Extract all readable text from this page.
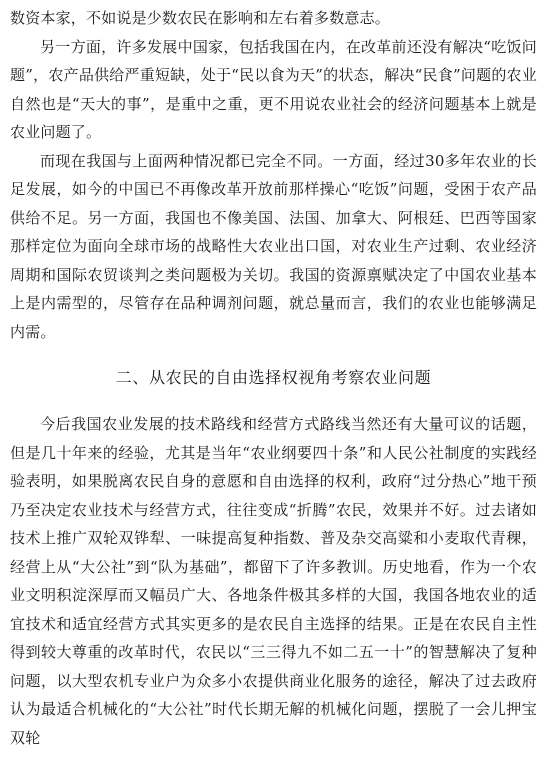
数资本家，不如说是少数农民在影响和左右着多数意志。

另一方面，许多发展中国家，包括我国在内，在改革前还没有解决“吃饭问题”，农产品供给严重短缺，处于“民以食为天”的状态，解决“民食”问题的农业自然也是“天大的事”，是重中之重，更不用说农业社会的经济问题基本上就是农业问题了。

而现在我国与上面两种情况都已完全不同。一方面，经过30多年农业的长足发展，如今的中国已不再像改革开放前那样操心“吃饭”问题，受困于农产品供给不足。另一方面，我国也不像美国、法国、加拿大、阿根廷、巴西等国家那样定位为面向全球市场的战略性大农业出口国，对农业生产过剩、农业经济周期和国际农贸谈判之类问题极为关切。我国的资源禀赋决定了中国农业基本上是内需型的，尽管存在品种调剂问题，就总量而言，我们的农业也能够满足内需。

二、从农民的自由选择权视角考察农业问题

今后我国农业发展的技术路线和经营方式路线当然还有大量可议的话题，但是几十年来的经验，尤其是当年“农业纲要四十条”和人民公社制度的实践经验表明，如果脱离农民自身的意愿和自由选择的权利，政府“过分热心”地干预乃至决定农业技术与经营方式，往往变成“折腾”农民，效果并不好。过去诸如技术上推广双轮双铧犁、一味提高复种指数、普及杂交高粱和小麦取代青稞，经营上从“大公社”到“队为基础”，都留下了许多教训。历史地看，作为一个农业文明积淀深厚而又幅员广大、各地条件极其多样的大国，我国各地农业的适宜技术和适宜经营方式其实更多的是农民自主选择的结果。正是在农民自主性得到较大尊重的改革时代，农民以“三三得九不如二五一十”的智慧解决了复种问题，以大型农机专业户为众多小农提供商业化服务的途径，解决了过去政府认为最适合机械化的“大公社”时代长期无解的机械化问题，摆脱了一会儿押宝双轮
